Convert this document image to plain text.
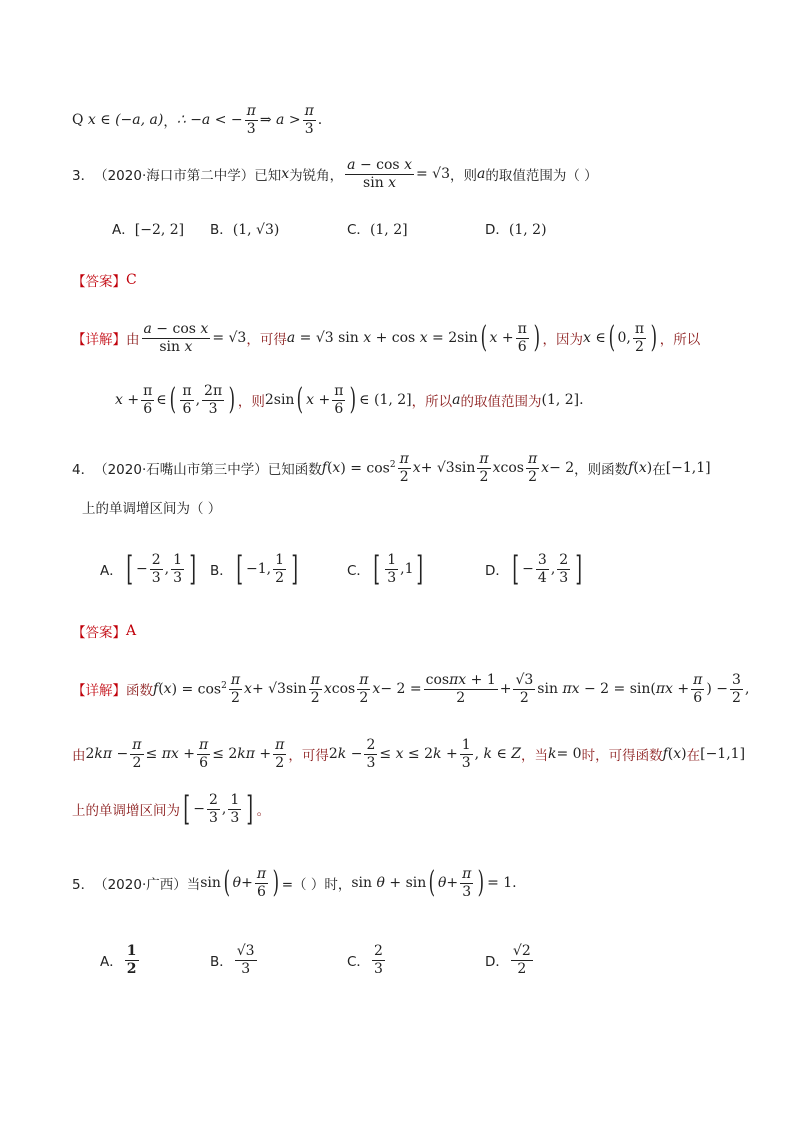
Q x ∈ (−a, a) ， ∴ −a < − $\frac{\pi}{3}$ ⇒ $a > \frac{\pi}{3}$ .
3． （2020·海口市第二中学） 已知 x 为锐角， $\frac{\text{a − cos x}}{\text{sin x}} = √3$ ，则 a 的取值范围为（ ）
A．[−2, 2] B．(1, √3)	C．(1, 2]	D．(1, 2)
【答案】 C
【详解】 由 $\frac{\text{a − cos x}}{\text{sin x}} = √3$ ，可得 a = √3 sin x + cos x = 2sin ( $x + \frac{\pi}{6}$ ) ，因为 x ∈ ( 0, $\frac{\pi}{2}$ ) ，所以
$x + \frac{\pi}{6}$ ∈ ( $\frac{\pi}{6}$ , $\frac{2\pi}{3}$ ) ，则 2sin ( $x + \frac{\pi}{6}$ ) ∈ (1, 2] ，所以 a 的取值范围为 (1, 2].
4． （2020·石嘴山市第三中学） 已知函数 f ( x ) = $\cos^2 \frac{\pi}{2}$ $x + √3\sin \frac{\pi}{2}$ x $\cos \frac{\pi}{2}$ x − 2 ，则函数 f ( x ) 在 [−1,1]
上的单调增区间为（ ）
A． [ − $\frac{2}{3}$ , $\frac{1}{3}$ ] B． [ −1, $\frac{1}{2}$ ]	C． [ $\frac{1}{3} ,1$ ]	D． [ − $\frac{3}{4}$ , $\frac{2}{3}$ ]
【答案】 A
【详解】 函数 f ( x ) = $\cos^2 \frac{\pi}{2}$ $x + √3\sin \frac{\pi}{2}$ x $\cos \frac{\pi}{2}$ $x - 2 = \frac{\cos\pi x + 1}{2} + \frac{√3}{2}$ $\sin \pi x - 2 = \sin(\pi x + \frac{\pi}{6}$ ) − $\frac{3}{2}$ ,
由 $2k\pi - \frac{\pi}{2} \le \pi x + \frac{\pi}{6} \le 2k\pi + \frac{\pi}{2}$ ，可得 $2k - \frac{2}{3} \le x \le 2k + \frac{1}{3}$ , k ∈ Z ，当 k = 0 时，可得函数 f (x) 在 [−1,1]
上的单调增区间为 [ − $\frac{2}{3}$ , $\frac{1}{3}$ ] 。
5． （2020·广西） 当 sin ( $\theta + \frac{\pi}{6}$ ) =（ ）时， sin θ + sin ( $\theta + \frac{\pi}{3}$ ) = 1.
A． $\frac{1}{2}$	B． $\frac{√3}{3}$	C． $\frac{2}{3}$	D． $\frac{√2}{2}$
